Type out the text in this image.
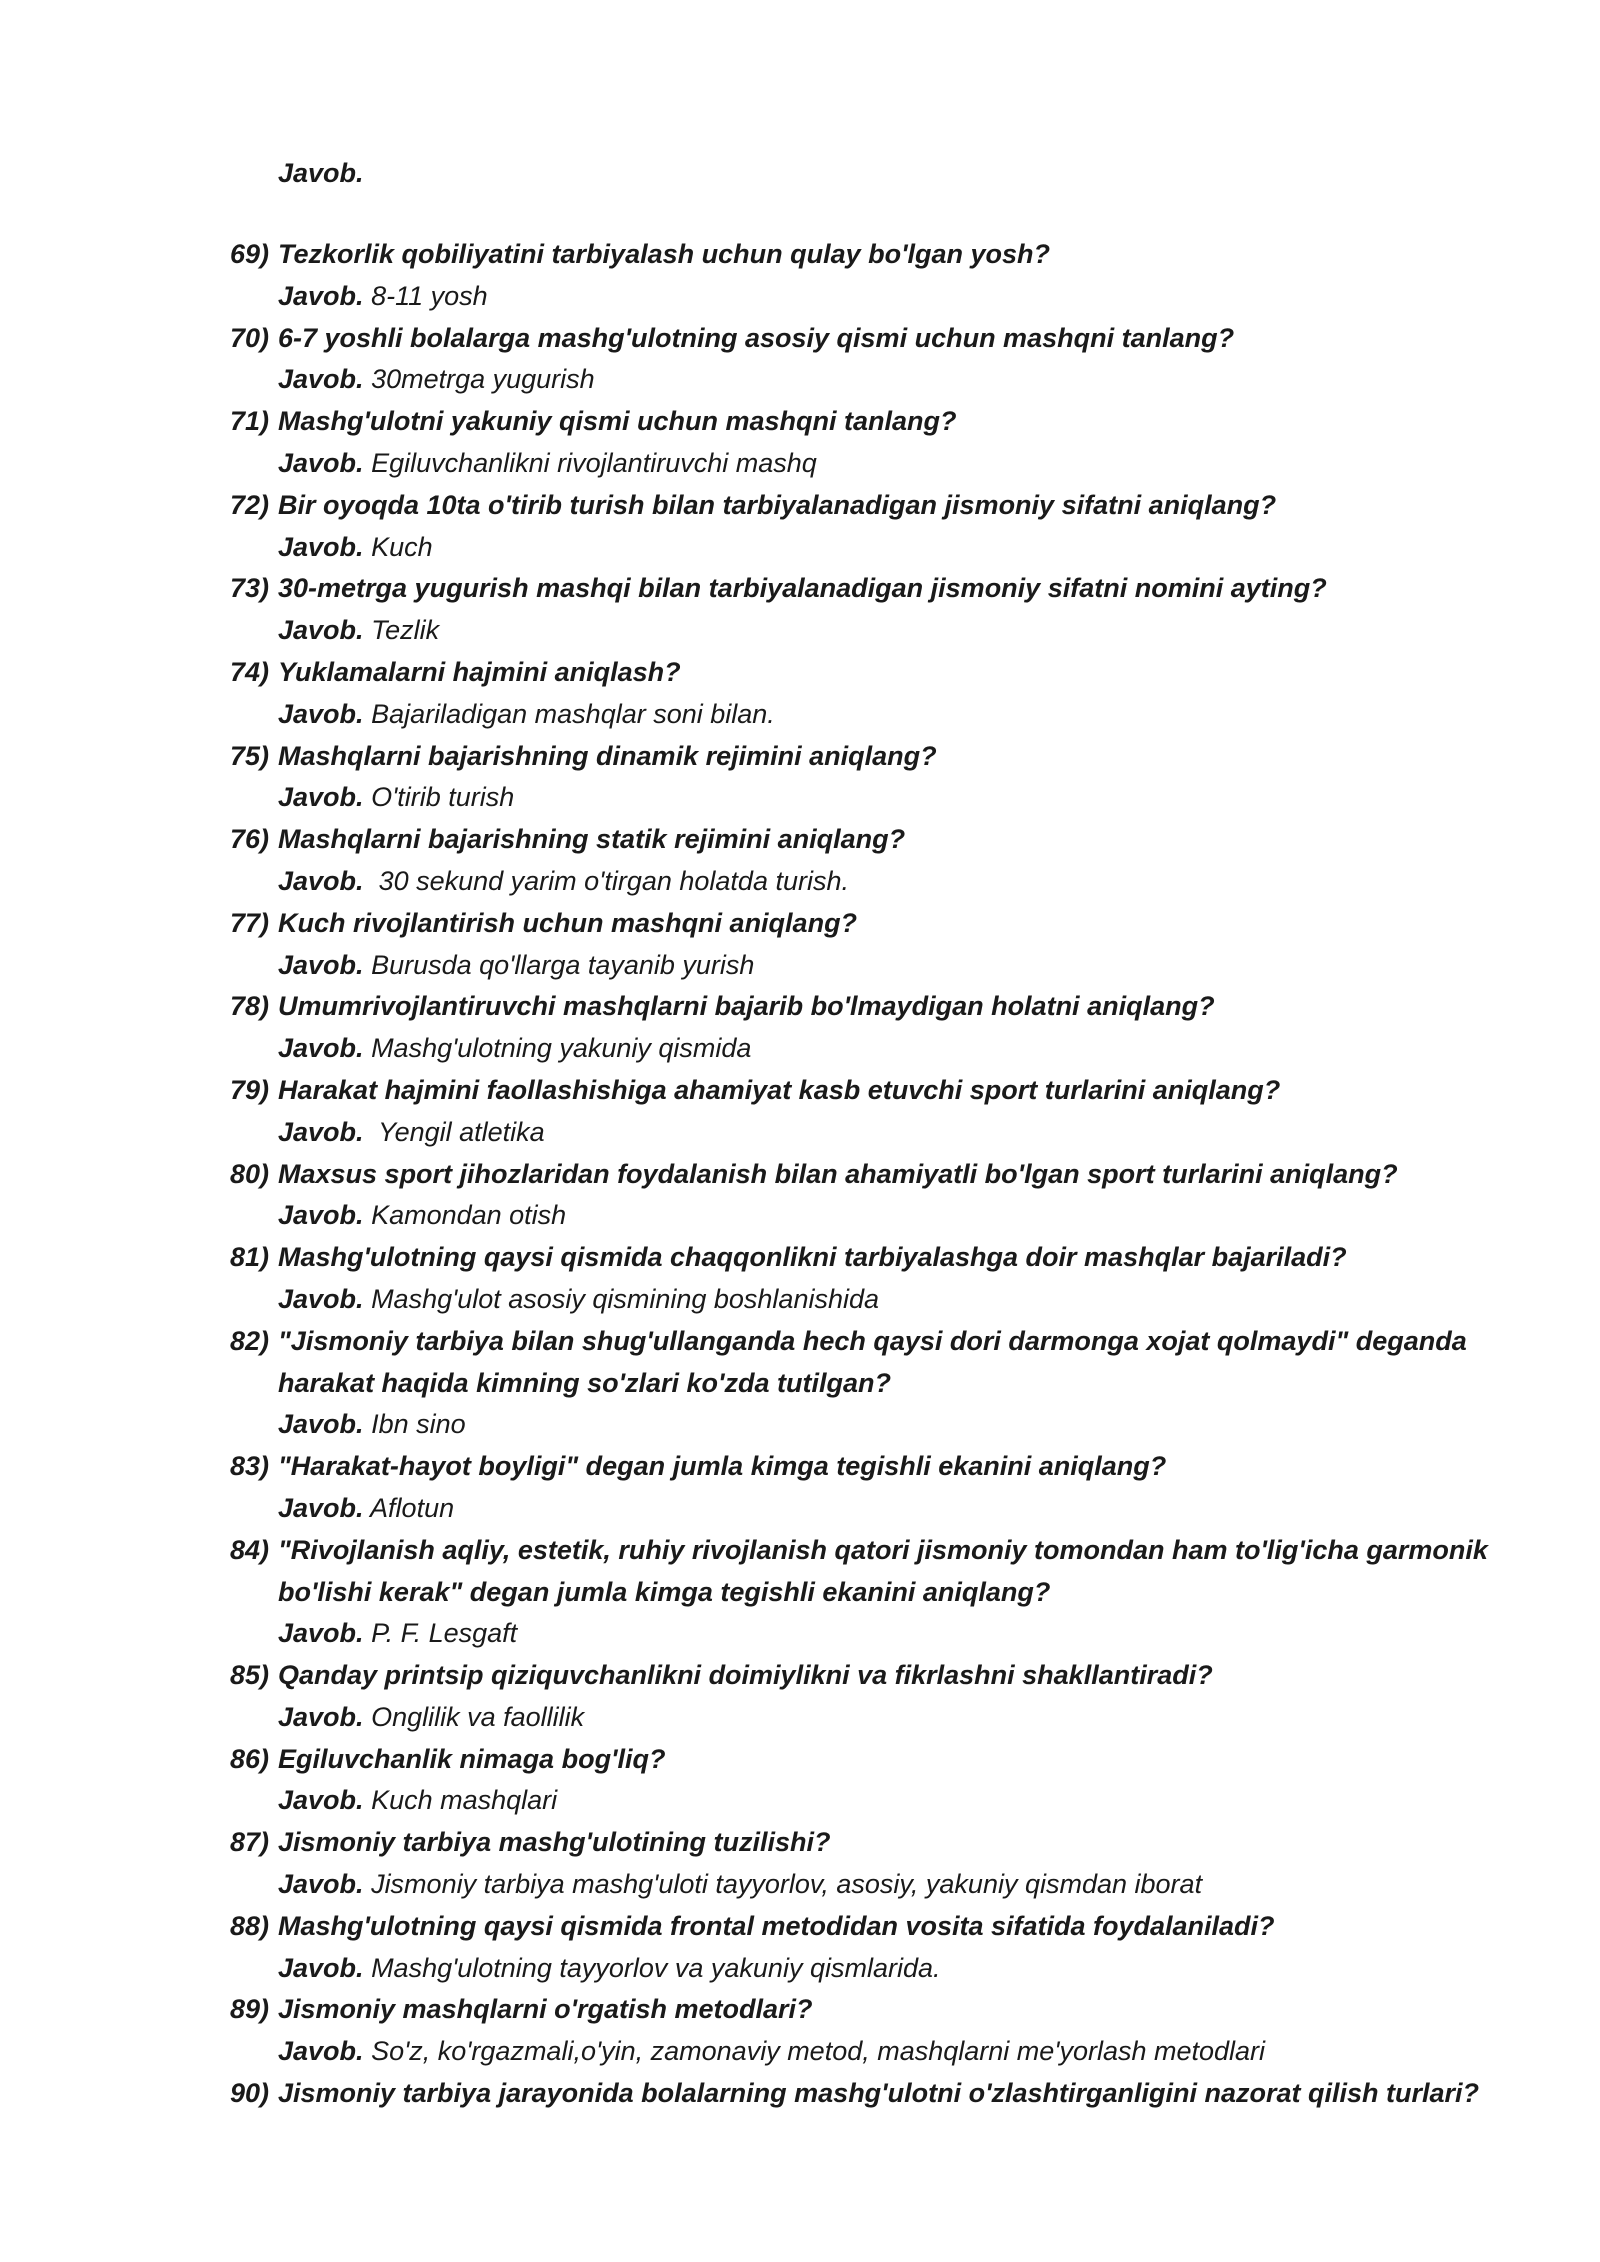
Javob.
69) Tezkorlik qobiliyatini tarbiyalash uchun qulay bo'lgan yosh?
Javob. 8-11 yosh
70) 6-7 yoshli bolalarga mashg'ulotning asosiy qismi uchun mashqni tanlang?
Javob. 30metrga yugurish
71) Mashg'ulotni yakuniy qismi uchun mashqni tanlang?
Javob. Egiluvchanlikni rivojlantiruvchi mashq
72) Bir oyoqda 10ta o'tirib turish bilan tarbiyalanadigan jismoniy sifatni aniqlang?
Javob. Kuch
73) 30-metrga yugurish mashqi bilan tarbiyalanadigan jismoniy sifatni nomini ayting?
Javob. Tezlik
74) Yuklamalarni hajmini aniqlash?
Javob. Bajariladigan mashqlar soni bilan.
75) Mashqlarni bajarishning dinamik rejimini aniqlang?
Javob. O'tirib turish
76) Mashqlarni bajarishning statik rejimini aniqlang?
Javob.  30 sekund yarim o'tirgan holatda turish.
77) Kuch rivojlantirish uchun mashqni aniqlang?
Javob. Burusda qo'llarga tayanib yurish
78) Umumrivojlantiruvchi mashqlarni bajarib bo'lmaydigan holatni aniqlang?
Javob. Mashg'ulotning yakuniy qismida
79) Harakat hajmini faollashishiga ahamiyat kasb etuvchi sport turlarini aniqlang?
Javob.  Yengil atletika
80) Maxsus sport jihozlaridan foydalanish bilan ahamiyatli bo'lgan sport turlarini aniqlang?
Javob. Kamondan otish
81) Mashg'ulotning qaysi qismida chaqqonlikni tarbiyalashga doir mashqlar bajariladi?
Javob. Mashg'ulot asosiy qismining boshlanishida
82) "Jismoniy tarbiya bilan shug'ullanganda hech qaysi dori darmonga xojat qolmaydi" deganda harakat haqida kimning so'zlari ko'zda tutilgan?
Javob. Ibn sino
83) "Harakat-hayot boyligi" degan jumla kimga tegishli ekanini aniqlang?
Javob. Aflotun
84) "Rivojlanish aqliy, estetik, ruhiy rivojlanish qatori jismoniy tomondan ham to'lig'icha garmonik bo'lishi kerak" degan jumla kimga tegishli ekanini aniqlang?
Javob. P. F. Lesgaft
85) Qanday printsip qiziquvchanlikni doimiylikni va fikrlashni shakllantiradi?
Javob. Onglilik va faollilik
86) Egiluvchanlik nimaga bog'liq?
Javob. Kuch mashqlari
87) Jismoniy tarbiya mashg'ulotining tuzilishi?
Javob. Jismoniy tarbiya mashg'uloti tayyorlov, asosiy, yakuniy qismdan iborat
88) Mashg'ulotning qaysi qismida frontal metodidan vosita sifatida foydalaniladi?
Javob. Mashg'ulotning tayyorlov va yakuniy qismlarida.
89) Jismoniy mashqlarni o'rgatish metodlari?
Javob. So'z, ko'rgazmali,o'yin, zamonaviy metod, mashqlarni me'yorlash metodlari
90) Jismoniy tarbiya jarayonida bolalarning mashg'ulotni o'zlashtirganligini nazorat qilish turlari?
